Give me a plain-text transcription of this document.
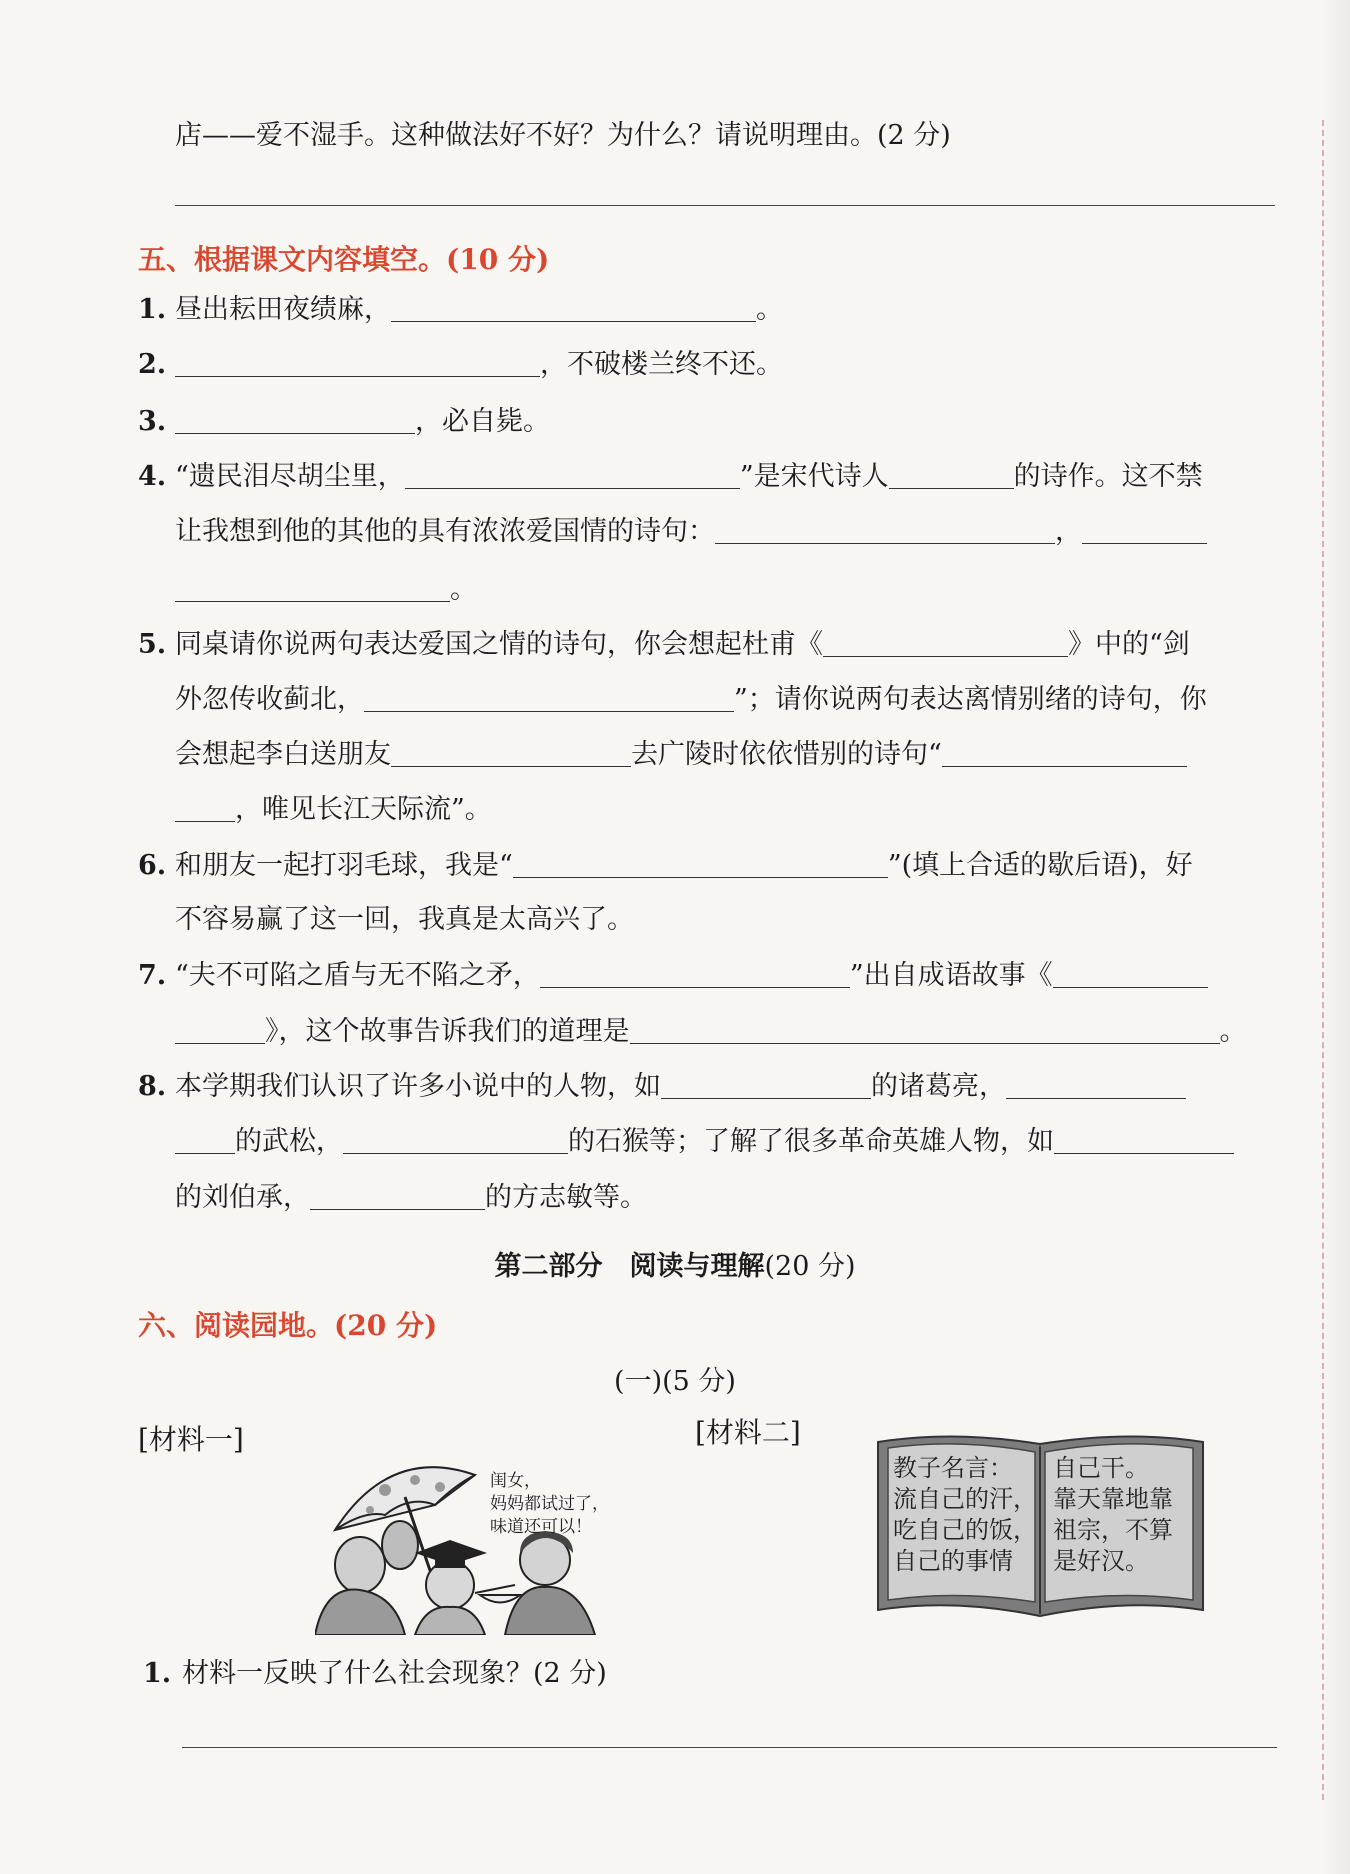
店——爱不湿手。这种做法好不好？为什么？请说明理由。(2 分)
五、根据课文内容填空。(10 分)
1. 昼出耘田夜绩麻，	。
2.	，不破楼兰终不还。
3.	，必自毙。
4. “遗民泪尽胡尘里，	”是宋代诗人	的诗作。这不禁
让我想到他的其他的具有浓浓爱国情的诗句：	，
。
5. 同桌请你说两句表达爱国之情的诗句，你会想起杜甫《	》中的“剑
外忽传收蓟北，	”；请你说两句表达离情别绪的诗句，你
会想起李白送朋友	去广陵时依依惜别的诗句“
，唯见长江天际流”。
6. 和朋友一起打羽毛球，我是“	”(填上合适的歇后语)，好
不容易赢了这一回，我真是太高兴了。
7. “夫不可陷之盾与无不陷之矛，	”出自成语故事《
》，这个故事告诉我们的道理是	。
8. 本学期我们认识了许多小说中的人物，如	的诸葛亮，
的武松，	的石猴等；了解了很多革命英雄人物，如
的刘伯承，	的方志敏等。
第二部分　阅读与理解(20 分)
六、阅读园地。(20 分)
(一)(5 分)
[材料一]	[材料二]
闺女，
妈妈都试过了，
味道还可以！
教子名言：
流自己的汗，
吃自己的饭，
自己的事情
自己干。
靠天靠地靠
祖宗，不算
是好汉。
1. 材料一反映了什么社会现象？(2 分)
